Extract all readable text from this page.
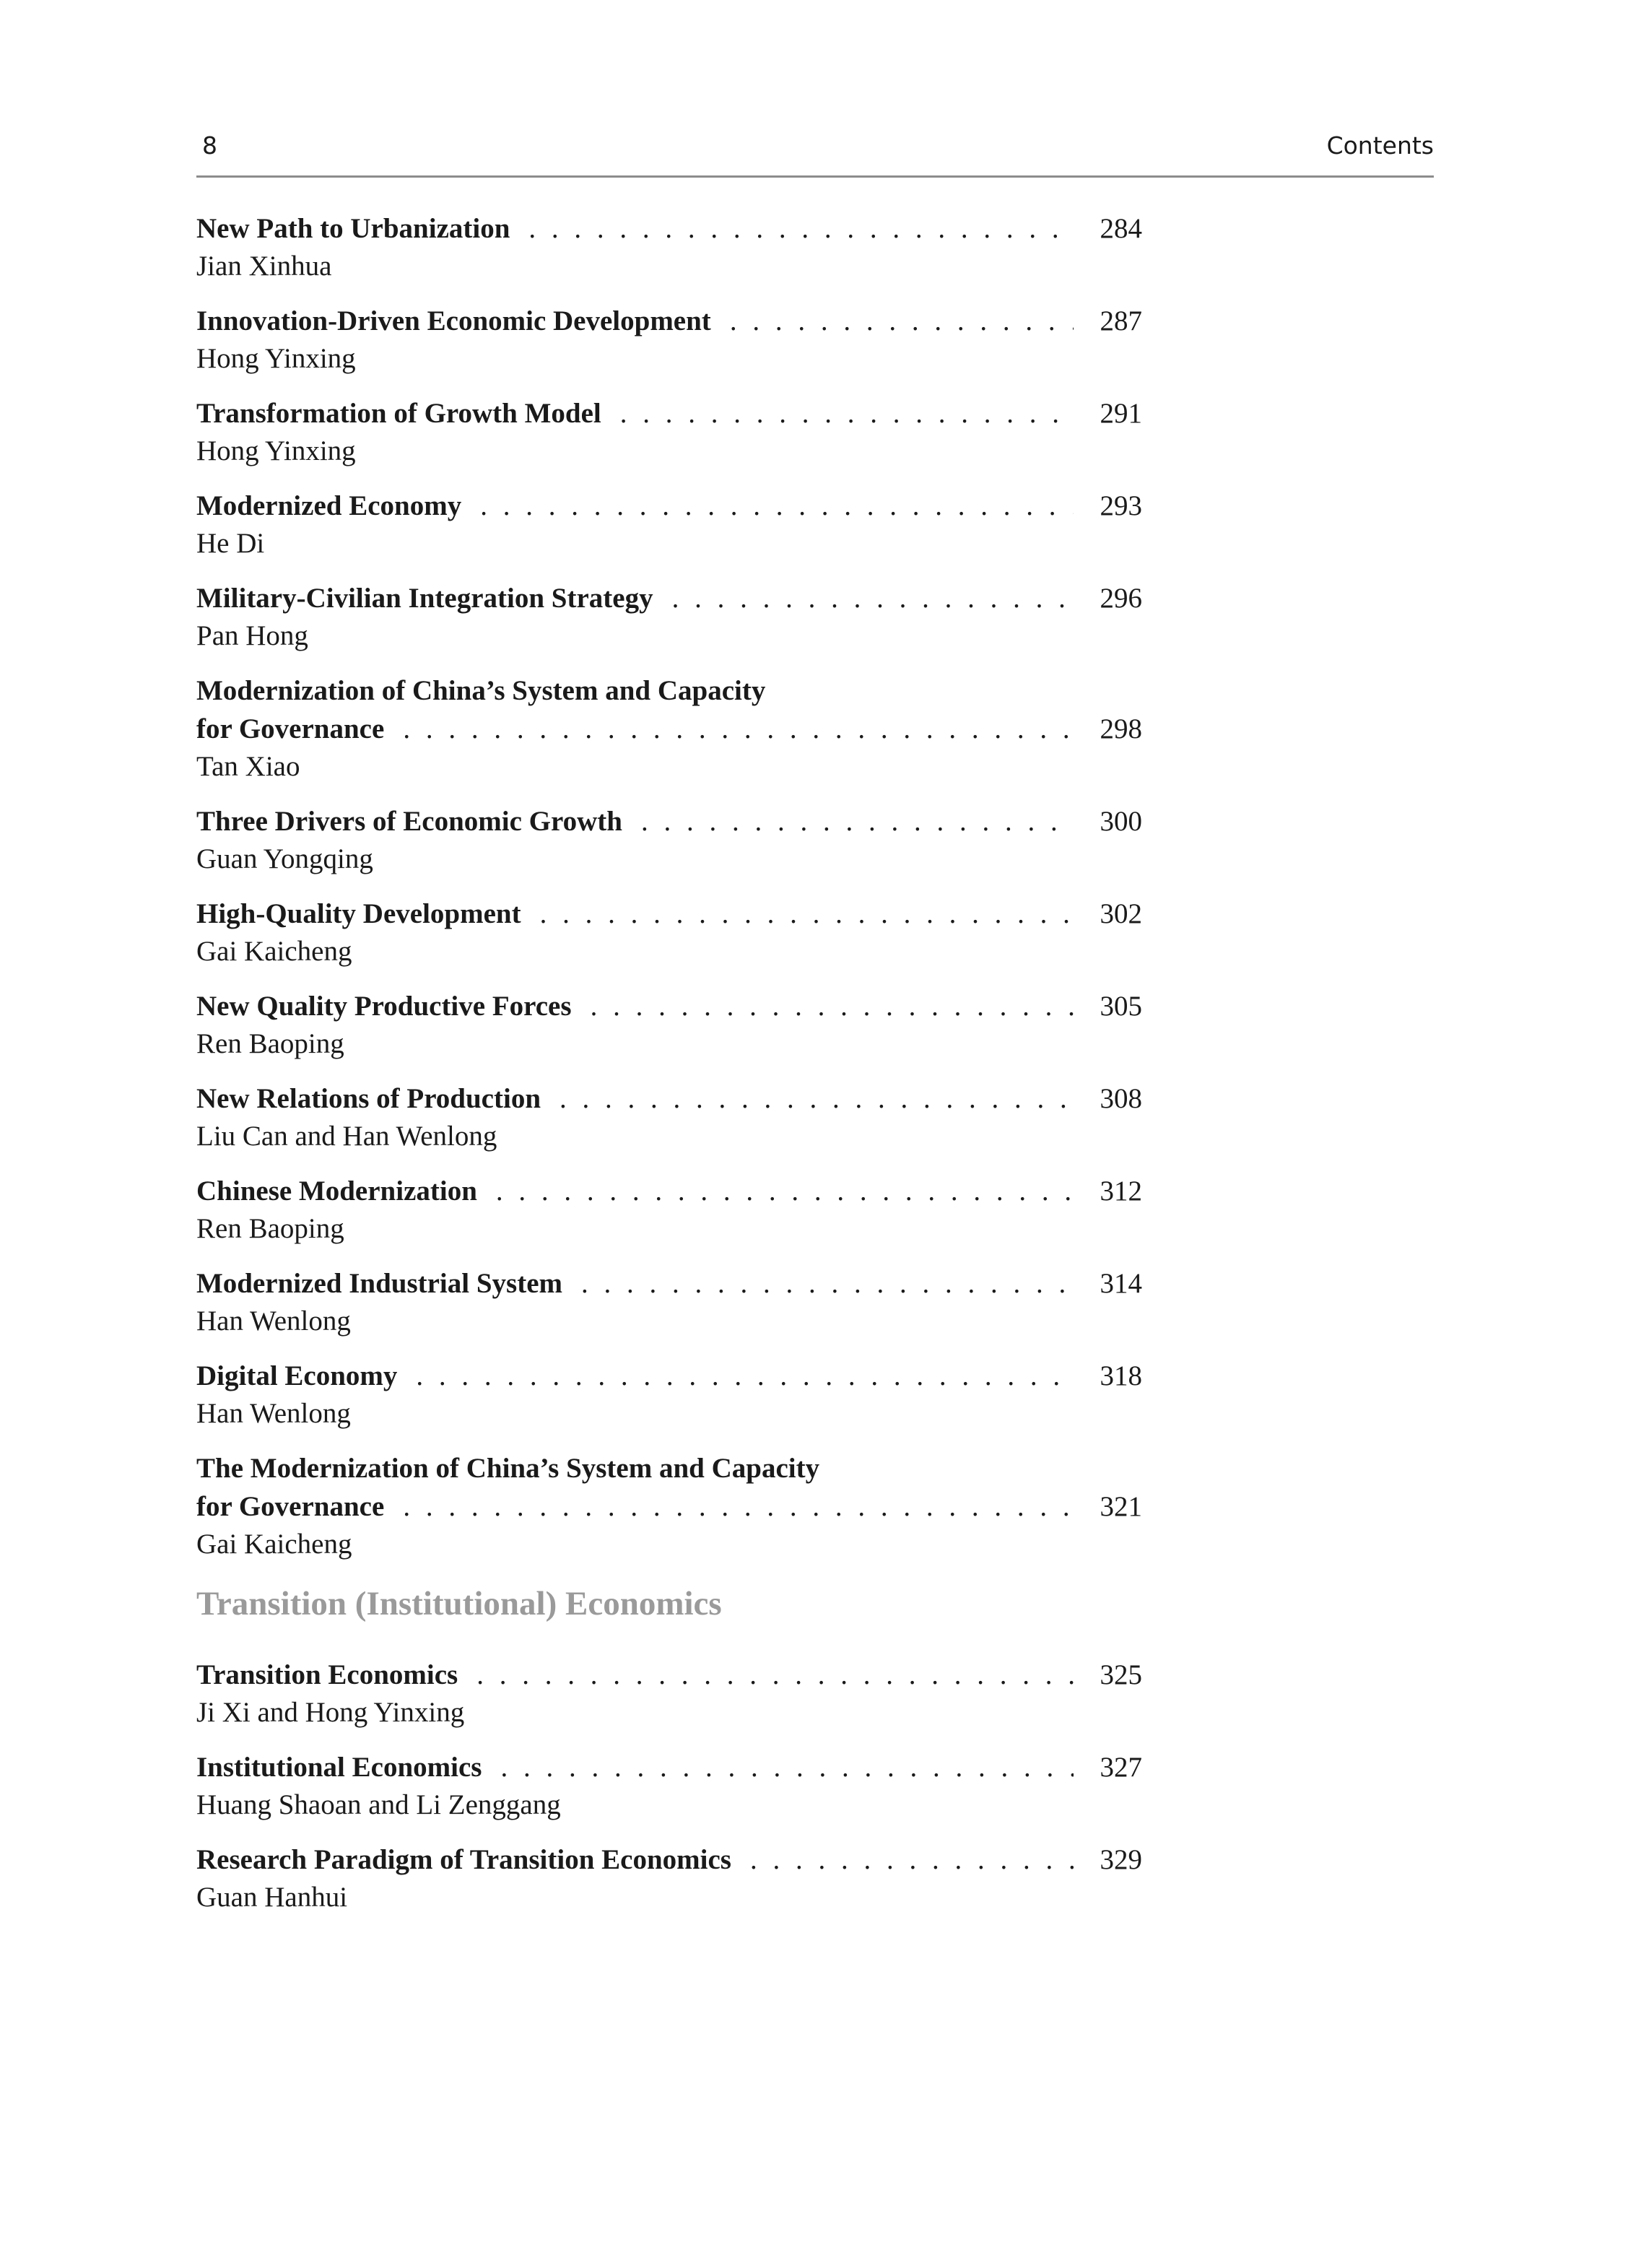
8	Contents
New Path to Urbanization . . .	284
Jian Xinhua
Innovation-Driven Economic Development . . .	287
Hong Yinxing
Transformation of Growth Model . . .	291
Hong Yinxing
Modernized Economy . . .	293
He Di
Military-Civilian Integration Strategy . . .	296
Pan Hong
Modernization of China’s System and Capacity
for Governance . . .	298
Tan Xiao
Three Drivers of Economic Growth . . .	300
Guan Yongqing
High-Quality Development . . .	302
Gai Kaicheng
New Quality Productive Forces . . .	305
Ren Baoping
New Relations of Production . . .	308
Liu Can and Han Wenlong
Chinese Modernization . . .	312
Ren Baoping
Modernized Industrial System . . .	314
Han Wenlong
Digital Economy . . .	318
Han Wenlong
The Modernization of China’s System and Capacity
for Governance . . .	321
Gai Kaicheng
Transition (Institutional) Economics
Transition Economics . . .	325
Ji Xi and Hong Yinxing
Institutional Economics . . .	327
Huang Shaoan and Li Zenggang
Research Paradigm of Transition Economics . . .	329
Guan Hanhui
